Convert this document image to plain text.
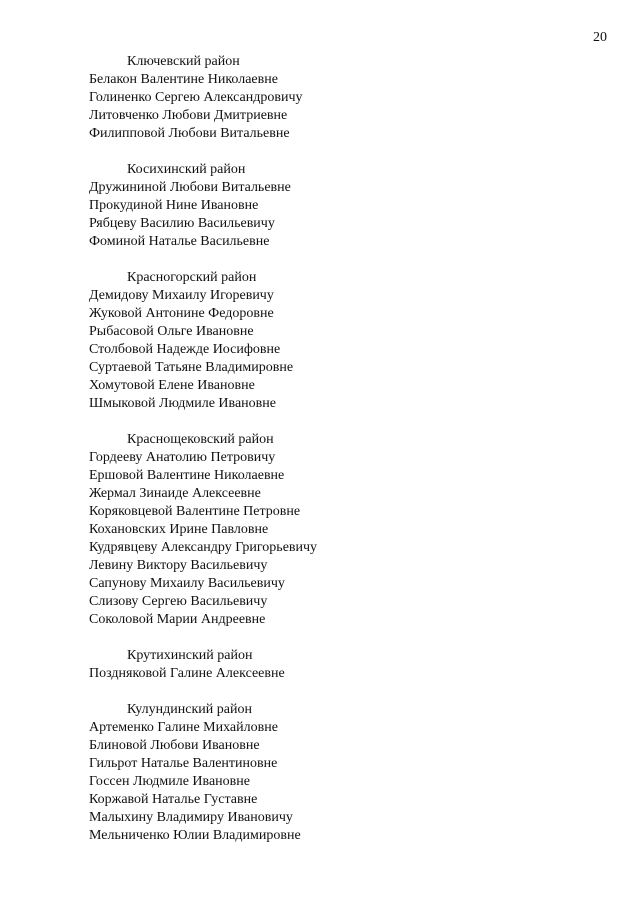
20
Ключевский район
Белакон Валентине Николаевне
Голиненко Сергею Александровичу
Литовченко Любови Дмитриевне
Филипповой Любови Витальевне
Косихинский район
Дружининой Любови Витальевне
Прокудиной Нине Ивановне
Рябцеву Василию Васильевичу
Фоминой Наталье Васильевне
Красногорский район
Демидову Михаилу Игоревичу
Жуковой Антонине Федоровне
Рыбасовой Ольге Ивановне
Столбовой Надежде Иосифовне
Суртаевой Татьяне Владимировне
Хомутовой Елене Ивановне
Шмыковой Людмиле Ивановне
Краснощековский район
Гордееву Анатолию Петровичу
Ершовой Валентине Николаевне
Жермал Зинаиде Алексеевне
Коряковцевой Валентине Петровне
Кохановских Ирине Павловне
Кудрявцеву Александру Григорьевичу
Левину Виктору Васильевичу
Сапунову Михаилу Васильевичу
Слизову Сергею Васильевичу
Соколовой Марии Андреевне
Крутихинский район
Поздняковой Галине Алексеевне
Кулундинский район
Артеменко Галине Михайловне
Блиновой Любови Ивановне
Гильрот Наталье Валентиновне
Госсен Людмиле Ивановне
Коржавой Наталье Густавне
Малыхину Владимиру Ивановичу
Мельниченко Юлии Владимировне
